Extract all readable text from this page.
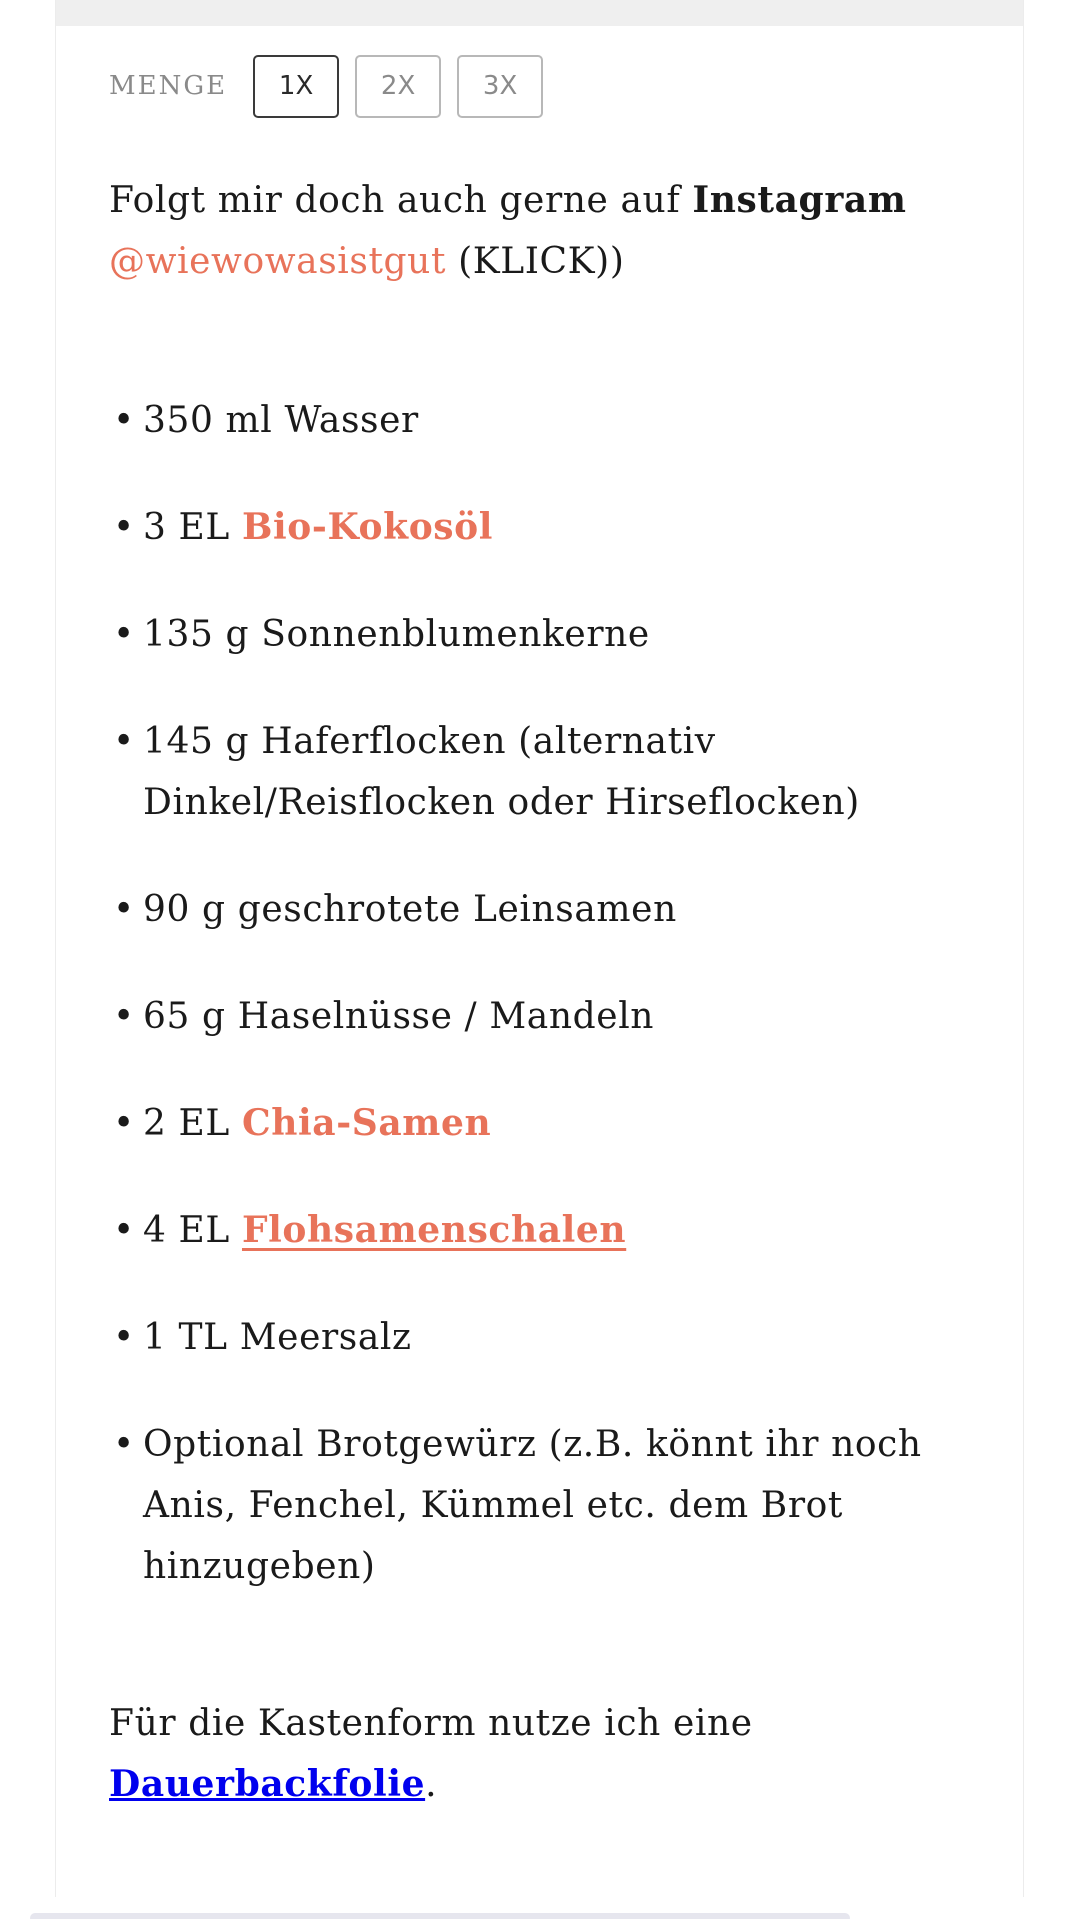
MENGE	1X	2X	3X

Folgt mir doch auch gerne auf Instagram
@wiewowasistgut (KLICK))

• 350 ml Wasser
• 3 EL Bio-Kokosöl
• 135 g Sonnenblumenkerne
• 145 g Haferflocken (alternativ Dinkel/Reisflocken oder Hirseflocken)
• 90 g geschrotete Leinsamen
• 65 g Haselnüsse / Mandeln
• 2 EL Chia-Samen
• 4 EL Flohsamenschalen
• 1 TL Meersalz
• Optional Brotgewürz (z.B. könnt ihr noch Anis, Fenchel, Kümmel etc. dem Brot hinzugeben)

Für die Kastenform nutze ich eine
Dauerbackfolie.
